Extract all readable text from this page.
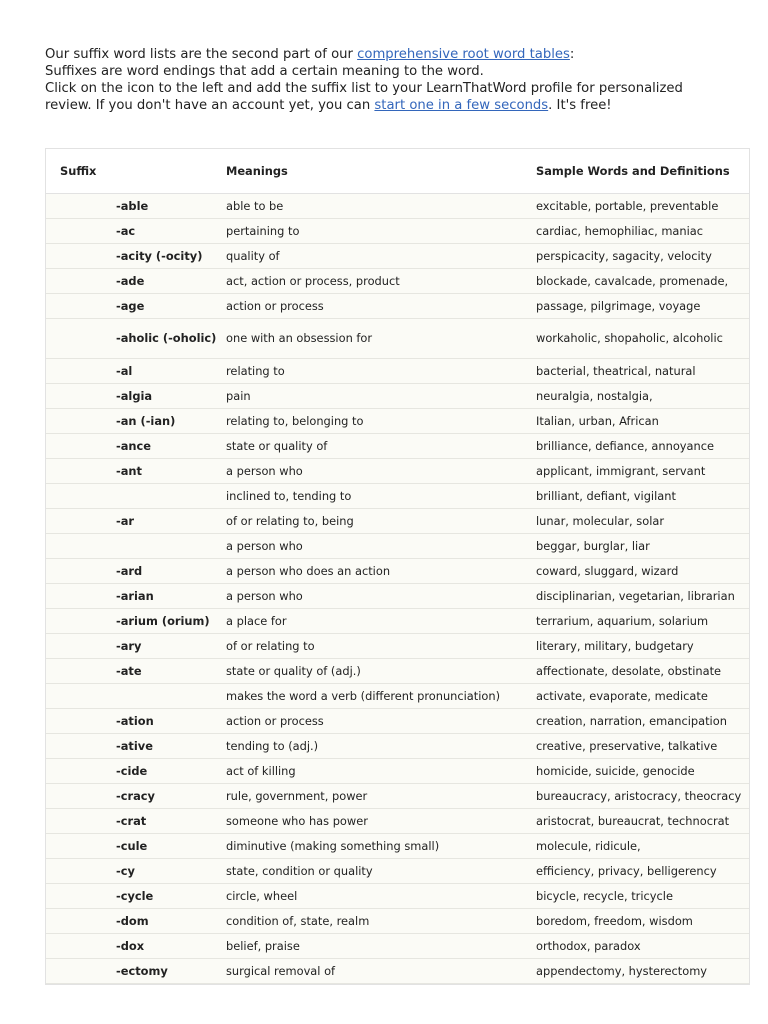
Our suffix word lists are the second part of our comprehensive root word tables:
Suffixes are word endings that add a certain meaning to the word.
Click on the icon to the left and add the suffix list to your LearnThatWord profile for personalized
review. If you don't have an account yet, you can start one in a few seconds. It's free!
Suffix		Meanings	Sample Words and Definitions
	-able	able to be	excitable, portable, preventable
	-ac	pertaining to	cardiac, hemophiliac, maniac
	-acity (-ocity)	quality of	perspicacity, sagacity, velocity
	-ade	act, action or process, product	blockade, cavalcade, promenade,
	-age	action or process	passage, pilgrimage, voyage
	-aholic (-oholic)	one with an obsession for	workaholic, shopaholic, alcoholic
	-al	relating to	bacterial, theatrical, natural
	-algia	pain	neuralgia, nostalgia,
	-an (-ian)	relating to, belonging to	Italian, urban, African
	-ance	state or quality of	brilliance, defiance, annoyance
	-ant	a person who	applicant, immigrant, servant
		inclined to, tending to	brilliant, defiant, vigilant
	-ar	of or relating to, being	lunar, molecular, solar
		a person who	beggar, burglar, liar
	-ard	a person who does an action	coward, sluggard, wizard
	-arian	a person who	disciplinarian, vegetarian, librarian
	-arium (orium)	a place for	terrarium, aquarium, solarium
	-ary	of or relating to	literary, military, budgetary
	-ate	state or quality of (adj.)	affectionate, desolate, obstinate
		makes the word a verb (different pronunciation)	activate, evaporate, medicate
	-ation	action or process	creation, narration, emancipation
	-ative	tending to (adj.)	creative, preservative, talkative
	-cide	act of killing	homicide, suicide, genocide
	-cracy	rule, government, power	bureaucracy, aristocracy, theocracy
	-crat	someone who has power	aristocrat, bureaucrat, technocrat
	-cule	diminutive (making something small)	molecule, ridicule,
	-cy	state, condition or quality	efficiency, privacy, belligerency
	-cycle	circle, wheel	bicycle, recycle, tricycle
	-dom	condition of, state, realm	boredom, freedom, wisdom
	-dox	belief, praise	orthodox, paradox
	-ectomy	surgical removal of	appendectomy, hysterectomy
